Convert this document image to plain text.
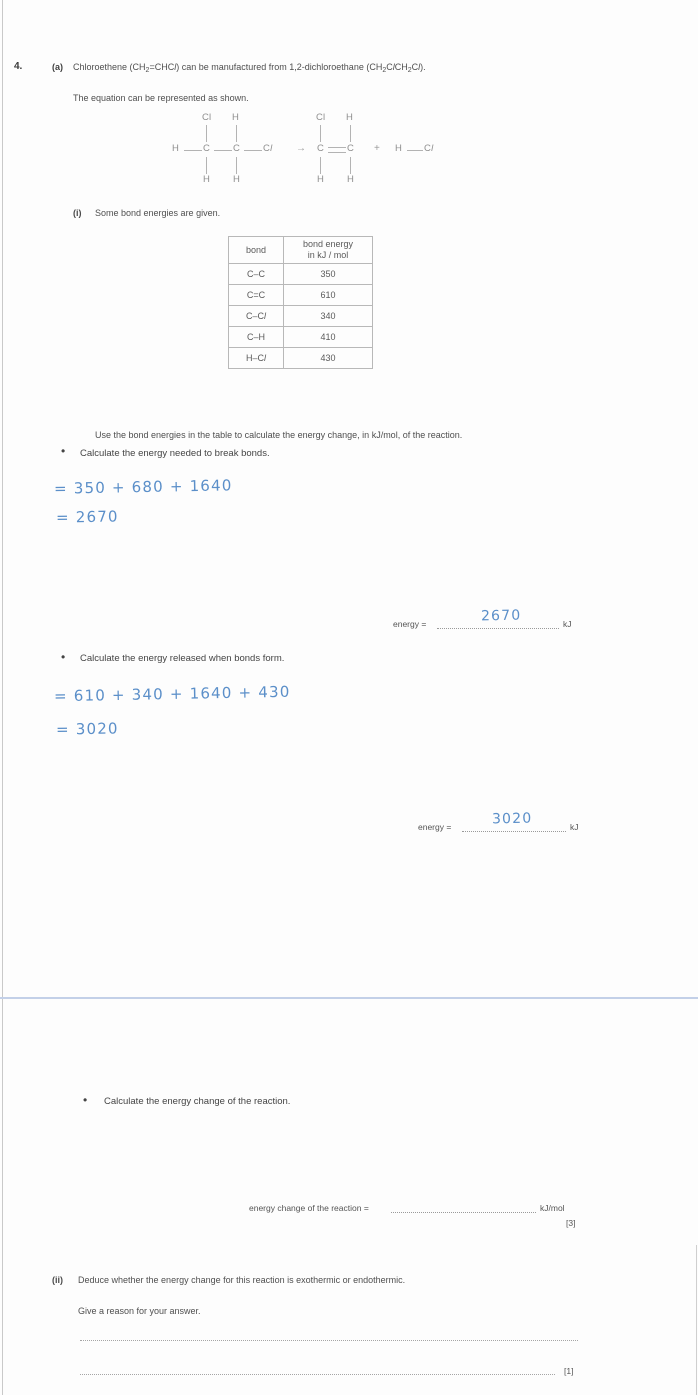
4.	(a) Chloroethene $(CH_2=CHCl)$ can be manufactured from 1,2-dichloroethane $(CH_2ClCH_2Cl)$.
The equation can be represented as shown.
Cl H
H	C C Cl
H H
→
Cl H
C C
H H
+ H Cl
(i) Some bond energies are given.
bond	bond energy
in kJ / mol

C–C	350
C=C	610
C–Cl	340
C–H	410
H–Cl	430
Use the bond energies in the table to calculate the energy change, in kJ/mol, of the reaction.
• Calculate the energy needed to break bonds.
= 350 + 680 + 1640
= 2670
energy =	2670	kJ
• Calculate the energy released when bonds form.
= 610 + 340 + 1640 + 430
= 3020
energy =	3020	kJ
• Calculate the energy change of the reaction.
energy change of the reaction =	kJ/mol
[3]
(ii) Deduce whether the energy change for this reaction is exothermic or endothermic.
Give a reason for your answer.
[1]
